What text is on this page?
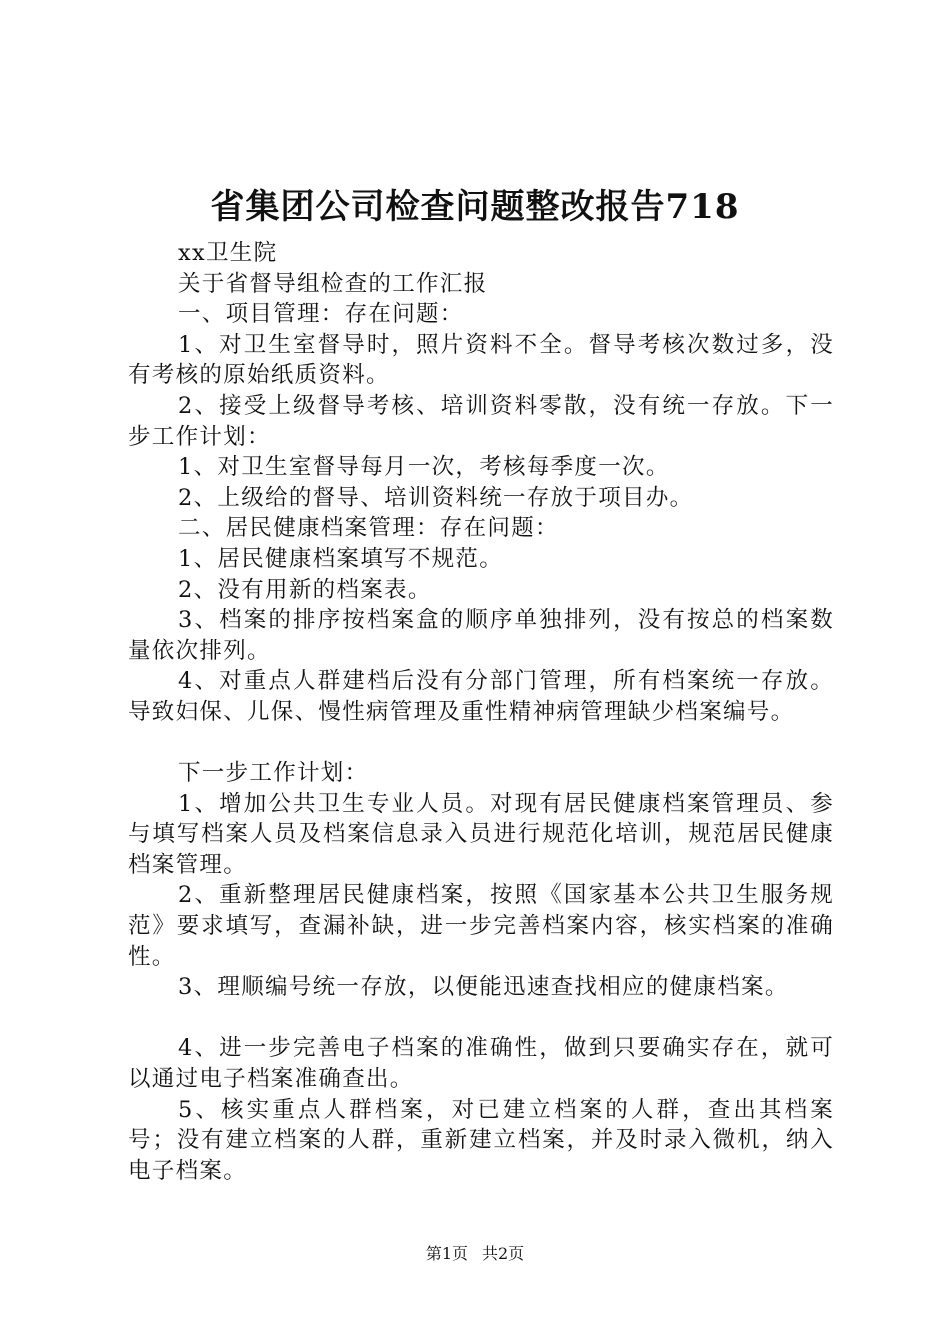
省集团公司检查问题整改报告718

xx卫生院

关于省督导组检查的工作汇报

一、项目管理：存在问题：

1、对卫生室督导时，照片资料不全。督导考核次数过多，没有考核的原始纸质资料。

2、接受上级督导考核、培训资料零散，没有统一存放。下一步工作计划：

1、对卫生室督导每月一次，考核每季度一次。

2、上级给的督导、培训资料统一存放于项目办。

二、居民健康档案管理：存在问题：

1、居民健康档案填写不规范。

2、没有用新的档案表。

3、档案的排序按档案盒的顺序单独排列，没有按总的档案数量依次排列。

4、对重点人群建档后没有分部门管理，所有档案统一存放。导致妇保、儿保、慢性病管理及重性精神病管理缺少档案编号。

下一步工作计划：

1、增加公共卫生专业人员。对现有居民健康档案管理员、参与填写档案人员及档案信息录入员进行规范化培训，规范居民健康档案管理。

2、重新整理居民健康档案，按照《国家基本公共卫生服务规范》要求填写，查漏补缺，进一步完善档案内容，核实档案的准确性。

3、理顺编号统一存放，以便能迅速查找相应的健康档案。

4、进一步完善电子档案的准确性，做到只要确实存在，就可以通过电子档案准确查出。

5、核实重点人群档案，对已建立档案的人群，查出其档案号；没有建立档案的人群，重新建立档案，并及时录入微机，纳入电子档案。

第1页 共2页
